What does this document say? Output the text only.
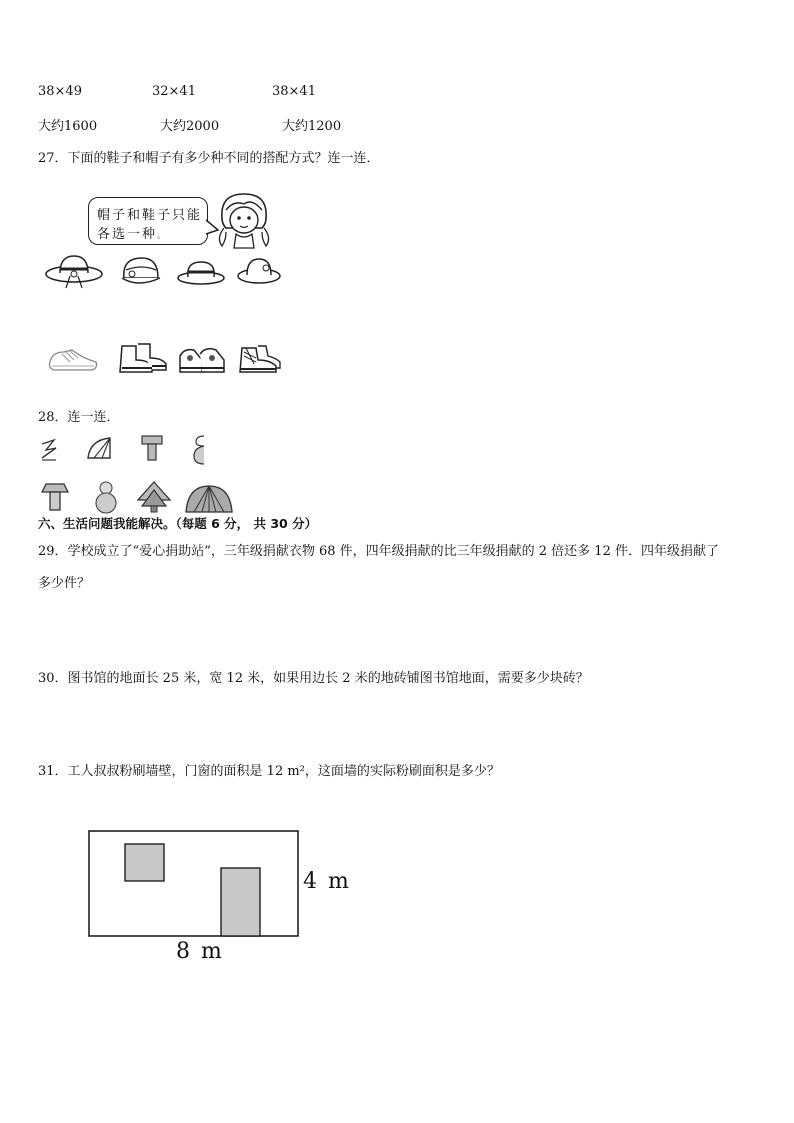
38×49	32×41	38×41
大约1600	大约2000	大约1200
27．下面的鞋子和帽子有多少种不同的搭配方式？连一连．
帽子和鞋子只能
各选一种。
28．连一连．
六、生活问题我能解决。（每题 6 分， 共 30 分）
29．学校成立了“爱心捐助站”，三年级捐献衣物 68 件，四年级捐献的比三年级捐献的 2 倍还多 12 件．四年级捐献了
多少件？
30．图书馆的地面长 25 米，宽 12 米，如果用边长 2 米的地砖铺图书馆地面，需要多少块砖？
31．工人叔叔粉刷墙壁，门窗的面积是 12 m²，这面墙的实际粉刷面积是多少？
4 m
8 m
